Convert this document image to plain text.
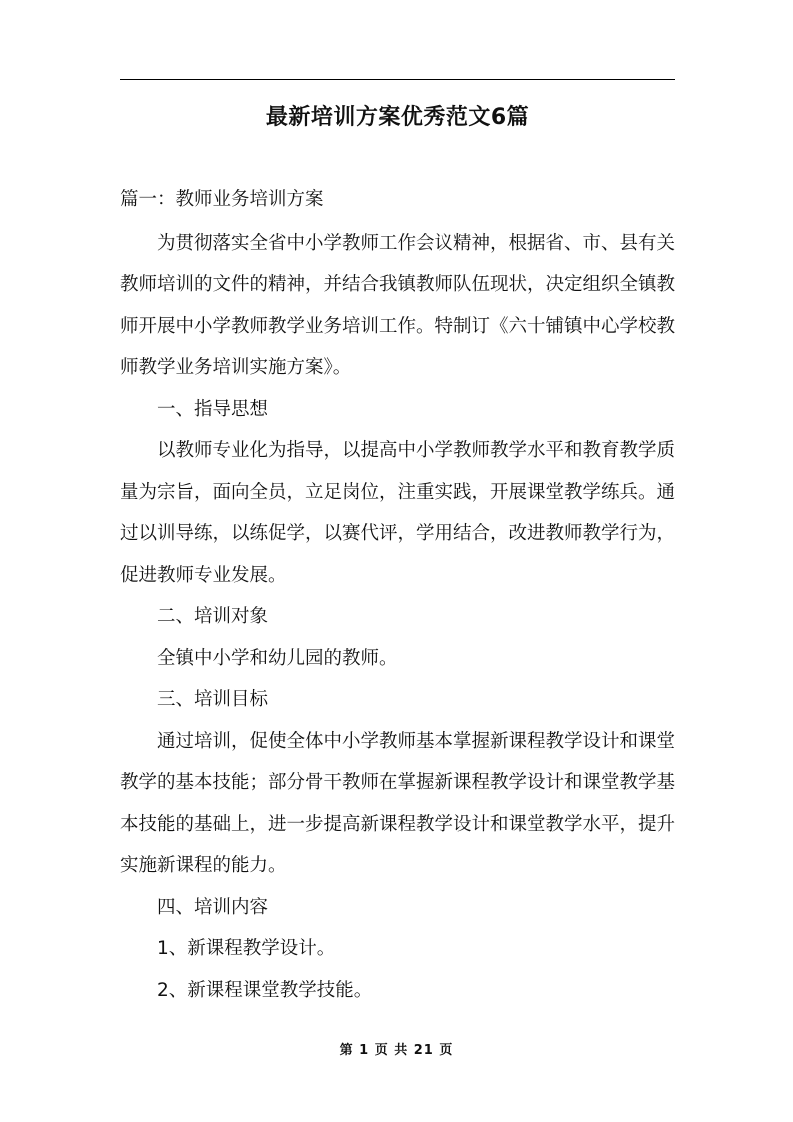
最新培训方案优秀范文6篇
篇一：教师业务培训方案
为贯彻落实全省中小学教师工作会议精神，根据省、市、县有关
教师培训的文件的精神，并结合我镇教师队伍现状，决定组织全镇教
师开展中小学教师教学业务培训工作。特制订《六十铺镇中心学校教
师教学业务培训实施方案》。
一、指导思想
以教师专业化为指导，以提高中小学教师教学水平和教育教学质
量为宗旨，面向全员，立足岗位，注重实践，开展课堂教学练兵。通
过以训导练，以练促学，以赛代评，学用结合，改进教师教学行为，
促进教师专业发展。
二、培训对象
全镇中小学和幼儿园的教师。
三、培训目标
通过培训，促使全体中小学教师基本掌握新课程教学设计和课堂
教学的基本技能；部分骨干教师在掌握新课程教学设计和课堂教学基
本技能的基础上，进一步提高新课程教学设计和课堂教学水平，提升
实施新课程的能力。
四、培训内容
1、新课程教学设计。
2、新课程课堂教学技能。
第 1 页 共 21 页
